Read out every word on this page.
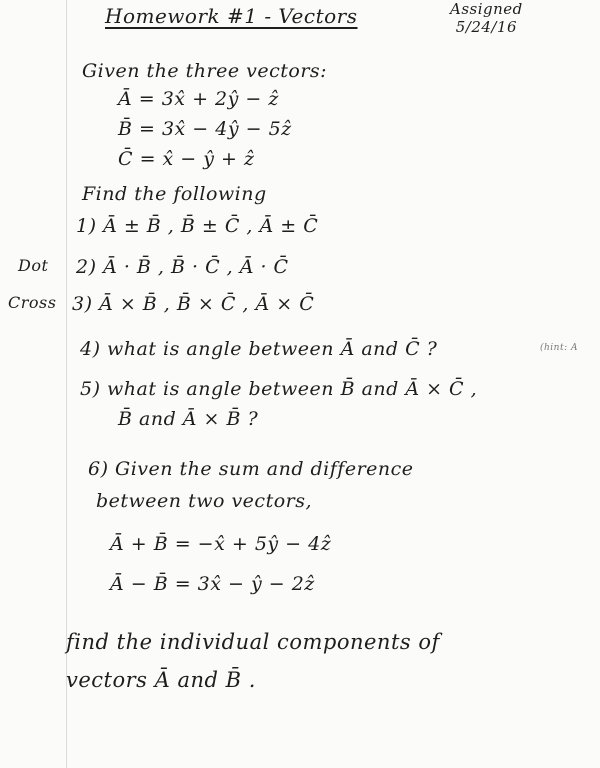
Homework #1 - Vectors	Assigned
5/24/16
Given the three vectors:
Ā = 3x̂ + 2ŷ − ẑ
B̄ = 3x̂ − 4ŷ − 5ẑ
C̄ = x̂ − ŷ + ẑ
Find the following
1) Ā ± B̄ , B̄ ± C̄ , Ā ± C̄
Dot 2) Ā · B̄ , B̄ · C̄ , Ā · C̄
Cross 3) Ā × B̄ , B̄ × C̄ , Ā × C̄
4) what is angle between Ā and C̄ ?	(hint: A
5) what is angle between B̄ and Ā × C̄ ,
B̄ and Ā × B̄ ?
6) Given the sum and difference
between two vectors,
Ā + B̄ = −x̂ + 5ŷ − 4ẑ
Ā − B̄ = 3x̂ − ŷ − 2ẑ
find the individual components of
vectors Ā and B̄ .
